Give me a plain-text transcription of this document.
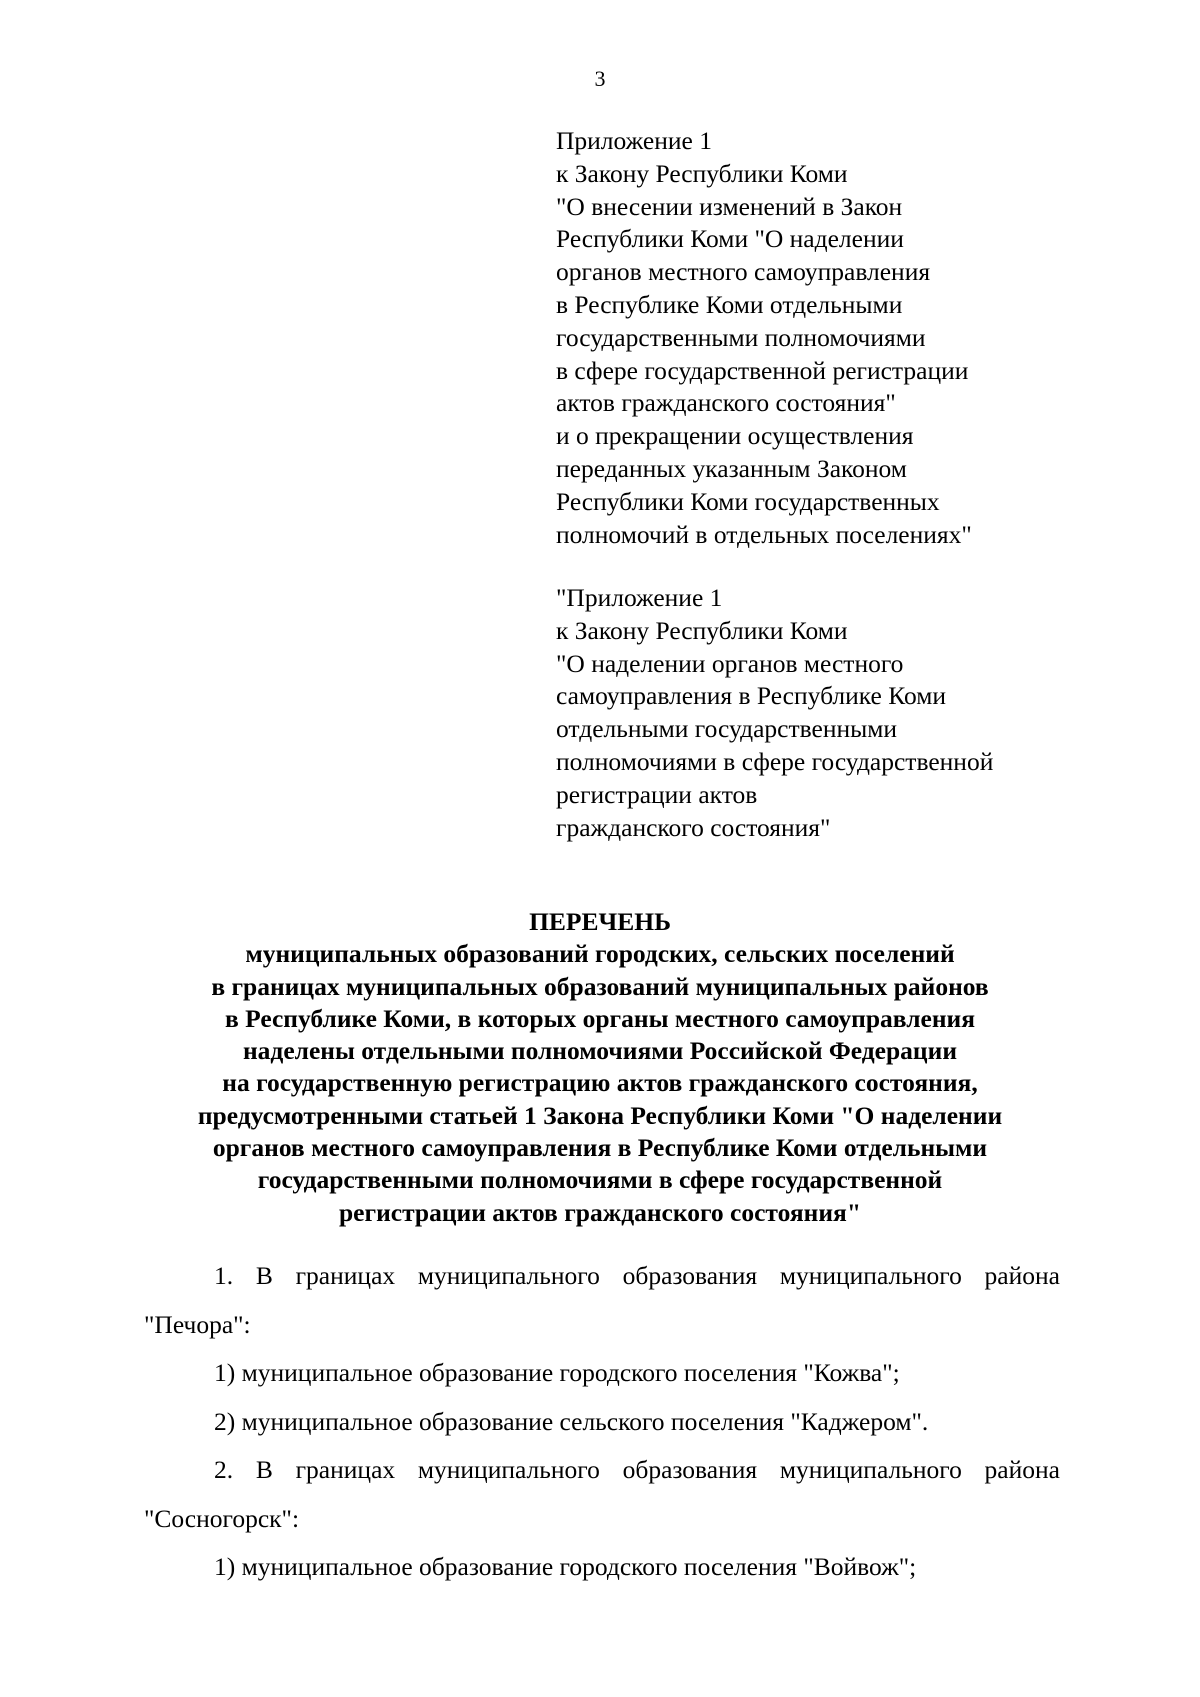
3
Приложение 1
к Закону Республики Коми
"О внесении изменений в Закон
Республики Коми "О наделении
органов местного самоуправления
в Республике Коми отдельными
государственными полномочиями
в сфере государственной регистрации
актов гражданского состояния"
и о прекращении осуществления
переданных указанным Законом
Республики Коми государственных
полномочий в отдельных поселениях"
"Приложение 1
к Закону Республики Коми
"О наделении органов местного
самоуправления в Республике Коми
отдельными государственными
полномочиями в сфере государственной
регистрации актов
гражданского состояния"
ПЕРЕЧЕНЬ
муниципальных образований городских, сельских поселений
в границах муниципальных образований муниципальных районов
в Республике Коми, в которых органы местного самоуправления
наделены отдельными полномочиями Российской Федерации
на государственную регистрацию актов гражданского состояния,
предусмотренными статьей 1 Закона Республики Коми "О наделении
органов местного самоуправления в Республике Коми отдельными
государственными полномочиями в сфере государственной
регистрации актов гражданского состояния"
1. В границах муниципального образования муниципального района
"Печора":
1) муниципальное образование городского поселения "Кожва";
2) муниципальное образование сельского поселения "Каджером".
2. В границах муниципального образования муниципального района
"Сосногорск":
1) муниципальное образование городского поселения "Войвож";
